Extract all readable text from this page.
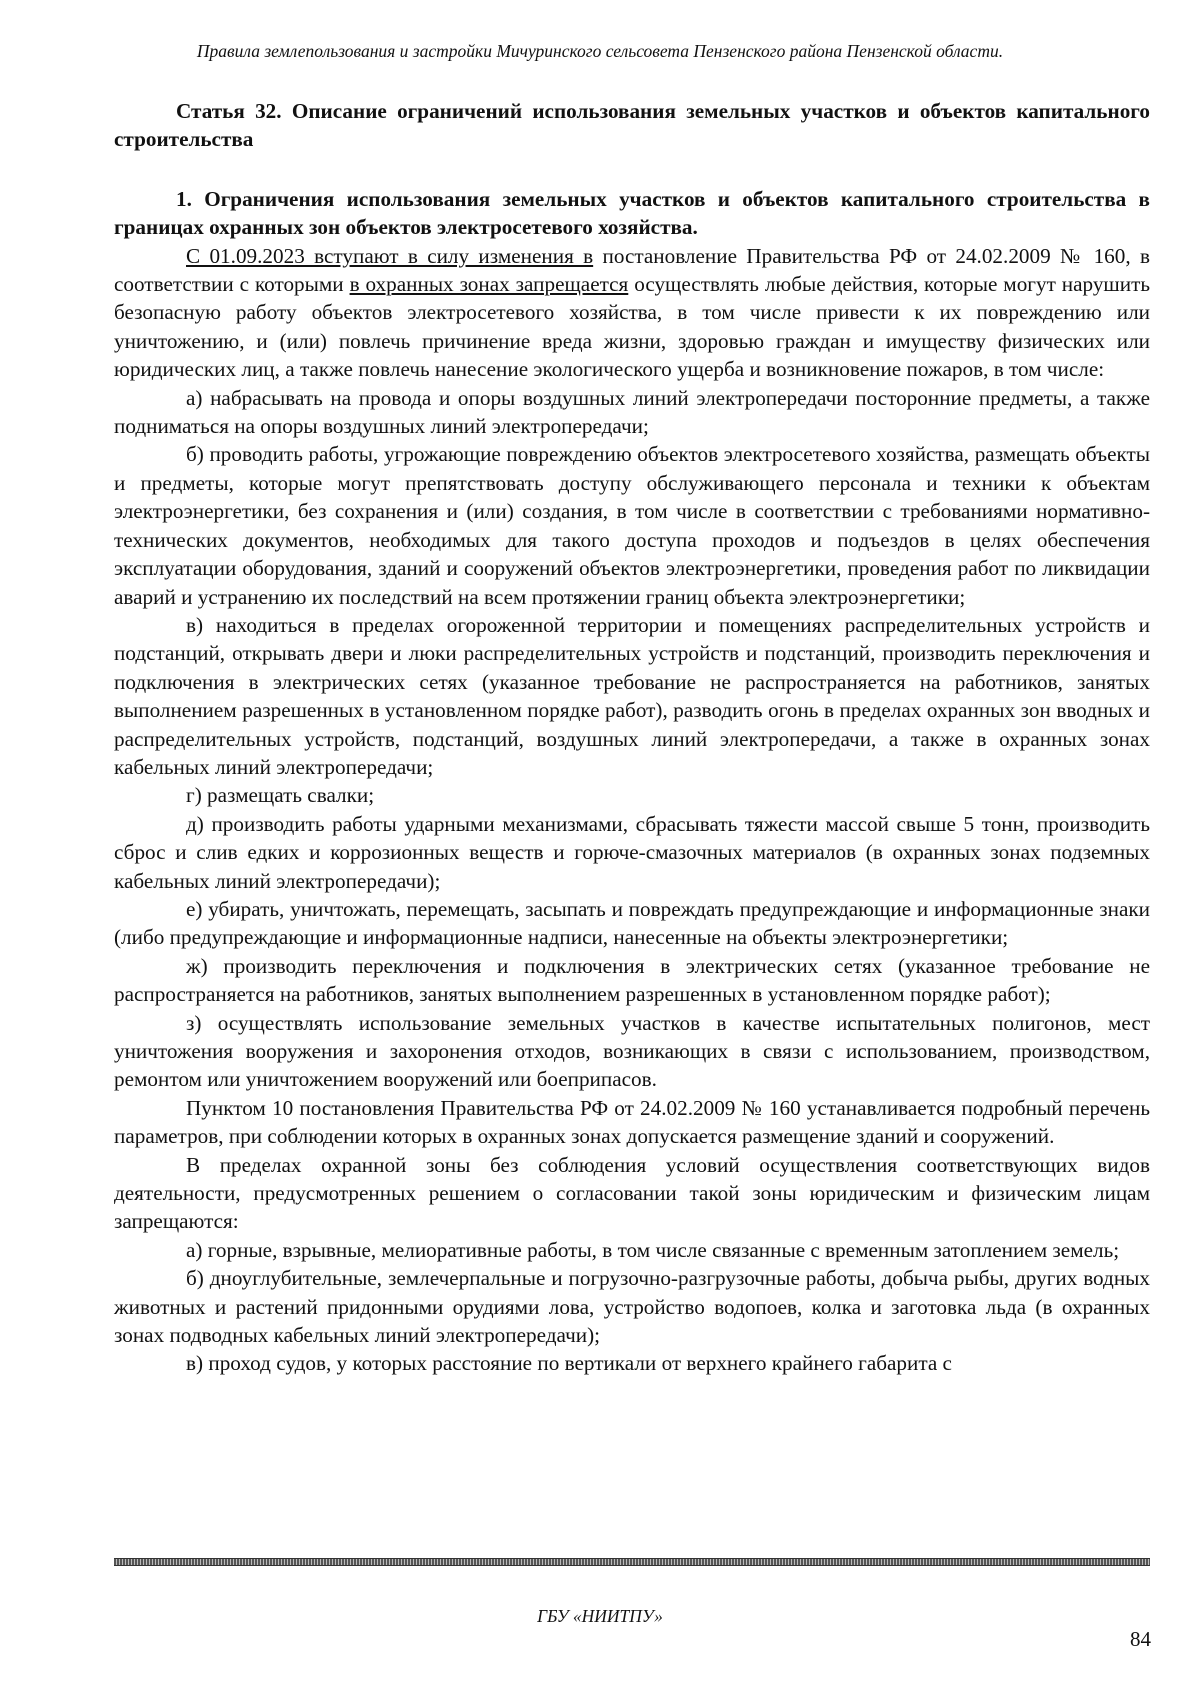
Правила землепользования и застройки Мичуринского сельсовета Пензенского района Пензенской области.

Статья 32. Описание ограничений использования земельных участков и объектов капитального строительства

1. Ограничения использования земельных участков и объектов капитального строительства в границах охранных зон объектов электросетевого хозяйства.

С 01.09.2023 вступают в силу изменения в постановление Правительства РФ от 24.02.2009 № 160, в соответствии с которыми в охранных зонах запрещается осуществлять любые действия, которые могут нарушить безопасную работу объектов электросетевого хозяйства, в том числе привести к их повреждению или уничтожению, и (или) повлечь причинение вреда жизни, здоровью граждан и имуществу физических или юридических лиц, а также повлечь нанесение экологического ущерба и возникновение пожаров, в том числе:

а) набрасывать на провода и опоры воздушных линий электропередачи посторонние предметы, а также подниматься на опоры воздушных линий электропередачи;

б) проводить работы, угрожающие повреждению объектов электросетевого хозяйства, размещать объекты и предметы, которые могут препятствовать доступу обслуживающего персонала и техники к объектам электроэнергетики, без сохранения и (или) создания, в том числе в соответствии с требованиями нормативно-технических документов, необходимых для такого доступа проходов и подъездов в целях обеспечения эксплуатации оборудования, зданий и сооружений объектов электроэнергетики, проведения работ по ликвидации аварий и устранению их последствий на всем протяжении границ объекта электроэнергетики;

в) находиться в пределах огороженной территории и помещениях распределительных устройств и подстанций, открывать двери и люки распределительных устройств и подстанций, производить переключения и подключения в электрических сетях (указанное требование не распространяется на работников, занятых выполнением разрешенных в установленном порядке работ), разводить огонь в пределах охранных зон вводных и распределительных устройств, подстанций, воздушных линий электропередачи, а также в охранных зонах кабельных линий электропередачи;

г) размещать свалки;

д) производить работы ударными механизмами, сбрасывать тяжести массой свыше 5 тонн, производить сброс и слив едких и коррозионных веществ и горюче-смазочных материалов (в охранных зонах подземных кабельных линий электропередачи);

е) убирать, уничтожать, перемещать, засыпать и повреждать предупреждающие и информационные знаки (либо предупреждающие и информационные надписи, нанесенные на объекты электроэнергетики;

ж) производить переключения и подключения в электрических сетях (указанное требование не распространяется на работников, занятых выполнением разрешенных в установленном порядке работ);

з) осуществлять использование земельных участков в качестве испытательных полигонов, мест уничтожения вооружения и захоронения отходов, возникающих в связи с использованием, производством, ремонтом или уничтожением вооружений или боеприпасов.

Пунктом 10 постановления Правительства РФ от 24.02.2009 № 160 устанавливается подробный перечень параметров, при соблюдении которых в охранных зонах допускается размещение зданий и сооружений.

В пределах охранной зоны без соблюдения условий осуществления соответствующих видов деятельности, предусмотренных решением о согласовании такой зоны юридическим и физическим лицам запрещаются:

а) горные, взрывные, мелиоративные работы, в том числе связанные с временным затоплением земель;

б) дноуглубительные, землечерпальные и погрузочно-разгрузочные работы, добыча рыбы, других водных животных и растений придонными орудиями лова, устройство водопоев, колка и заготовка льда (в охранных зонах подводных кабельных линий электропередачи);

в) проход судов, у которых расстояние по вертикали от верхнего крайнего габарита с

ГБУ «НИИТПУ»
84
